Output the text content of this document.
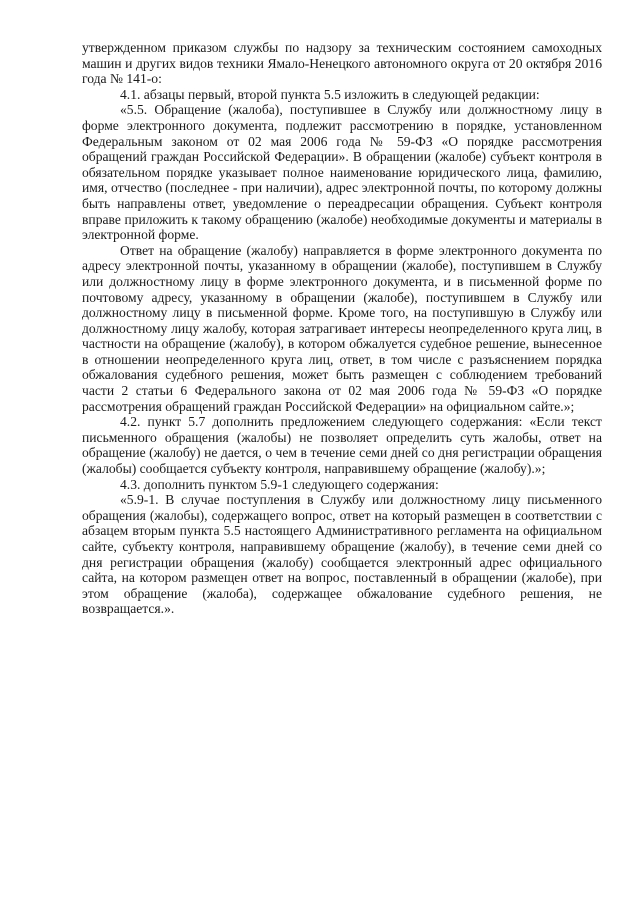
утвержденном приказом службы по надзору за техническим состоянием самоходных машин и других видов техники Ямало-Ненецкого автономного округа от 20 октября 2016 года № 141-о:

4.1. абзацы первый, второй пункта 5.5 изложить в следующей редакции:

«5.5. Обращение (жалоба), поступившее в Службу или должностному лицу в форме электронного документа, подлежит рассмотрению в порядке, установленном Федеральным законом от 02 мая 2006 года № 59-ФЗ «О порядке рассмотрения обращений граждан Российской Федерации». В обращении (жалобе) субъект контроля в обязательном порядке указывает полное наименование юридического лица, фамилию, имя, отчество (последнее - при наличии), адрес электронной почты, по которому должны быть направлены ответ, уведомление о переадресации обращения. Субъект контроля вправе приложить к такому обращению (жалобе) необходимые документы и материалы в электронной форме.

Ответ на обращение (жалобу) направляется в форме электронного документа по адресу электронной почты, указанному в обращении (жалобе), поступившем в Службу или должностному лицу в форме электронного документа, и в письменной форме по почтовому адресу, указанному в обращении (жалобе), поступившем в Службу или должностному лицу в письменной форме. Кроме того, на поступившую в Службу или должностному лицу жалобу, которая затрагивает интересы неопределенного круга лиц, в частности на обращение (жалобу), в котором обжалуется судебное решение, вынесенное в отношении неопределенного круга лиц, ответ, в том числе с разъяснением порядка обжалования судебного решения, может быть размещен с соблюдением требований части 2 статьи 6 Федерального закона от 02 мая 2006 года № 59-ФЗ «О порядке рассмотрения обращений граждан Российской Федерации» на официальном сайте.»;

4.2. пункт 5.7 дополнить предложением следующего содержания: «Если текст письменного обращения (жалобы) не позволяет определить суть жалобы, ответ на обращение (жалобу) не дается, о чем в течение семи дней со дня регистрации обращения (жалобы) сообщается субъекту контроля, направившему обращение (жалобу).»;

4.3. дополнить пунктом 5.9-1 следующего содержания:

«5.9-1. В случае поступления в Службу или должностному лицу письменного обращения (жалобы), содержащего вопрос, ответ на который размещен в соответствии с абзацем вторым пункта 5.5 настоящего Административного регламента на официальном сайте, субъекту контроля, направившему обращение (жалобу), в течение семи дней со дня регистрации обращения (жалобу) сообщается электронный адрес официального сайта, на котором размещен ответ на вопрос, поставленный в обращении (жалобе), при этом обращение (жалоба), содержащее обжалование судебного решения, не возвращается.».
